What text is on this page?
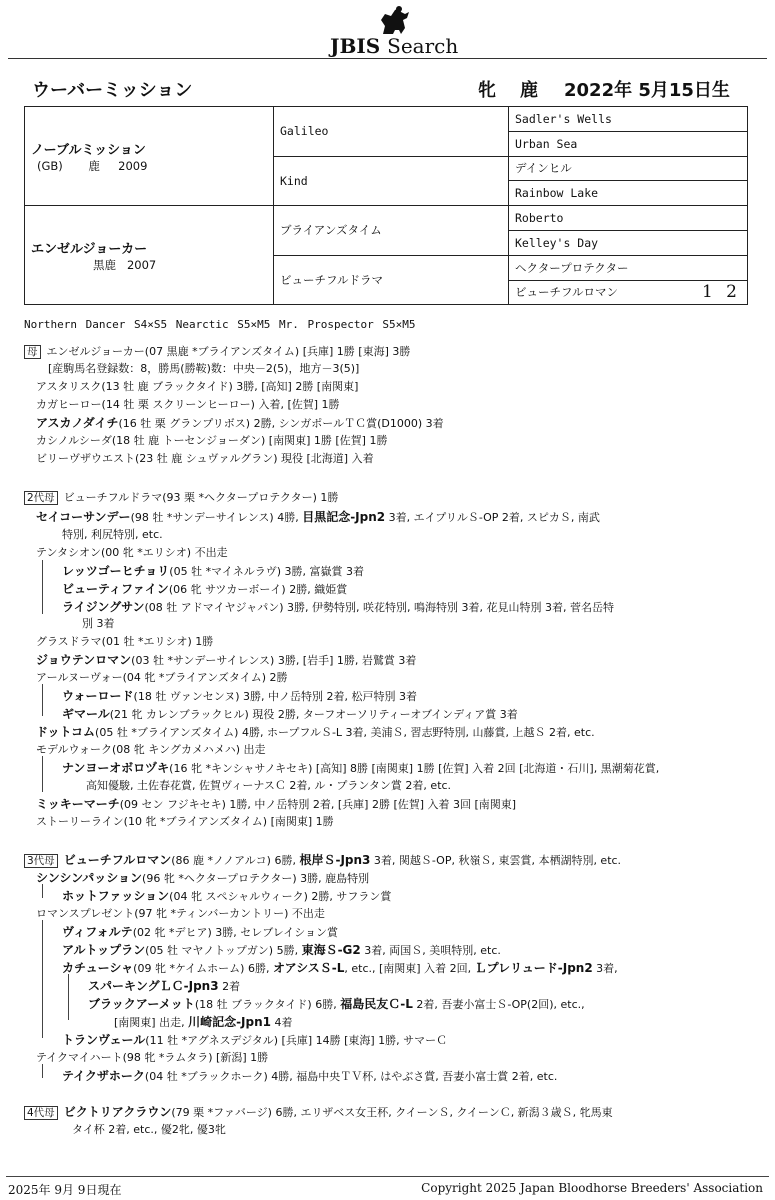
JBIS Search
ウーバーミッション	牝 鹿 2022年 5月15日生
ノーブルミッション
(GB) 鹿 2009	Galileo	Sadler's Wells
		Urban Sea
	Kind	デインヒル
		Rainbow Lake

エンゼルジョーカー
黒鹿 2007	ブライアンズタイム	Roberto
		Kelley's Day
	ビューチフルドラマ	ヘクタープロテクター
		ビューチフルロマン 1 2
Northern Dancer S4×S5 Nearctic S5×M5 Mr. Prospector S5×M5
母 エンゼルジョーカー(07 黒鹿 *ブライアンズタイム) [兵庫] 1勝 [東海] 3勝
[産駒馬名登録数：8，勝馬(勝鞍)数：中央－2(5)，地方－3(5)]
アスタリスク(13 牡 鹿 ブラックタイド) 3勝, [高知] 2勝 [南関東]
カガヒーロー(14 牡 栗 スクリーンヒーロー) 入着, [佐賀] 1勝
アスカノダイチ(16 牡 栗 グランプリボス) 2勝, シンガポールＴＣ賞(D1000) 3着
カシノルシーダ(18 牡 鹿 トーセンジョーダン) [南関東] 1勝 [佐賀] 1勝
ビリーヴザウエスト(23 牡 鹿 シュヴァルグラン) 現役 [北海道] 入着
2代母 ビューチフルドラマ(93 栗 *ヘクタープロテクター) 1勝
セイコーサンデー(98 牡 *サンデーサイレンス) 4勝, 目黒記念-Jpn2 3着, エイプリルＳ-OP 2着, スピカＳ, 南武
特別, 利尻特別, etc.
テンタシオン(00 牝 *エリシオ) 不出走
レッツゴーヒチョリ(05 牡 *マイネルラヴ) 3勝, 富嶽賞 3着
ビューティファイン(06 牝 サツカーボーイ) 2勝, 織姫賞
ライジングサン(08 牡 アドマイヤジャパン) 3勝, 伊勢特別, 咲花特別, 鳴海特別 3着, 花見山特別 3着, 菅名岳特
別 3着
グラスドラマ(01 牡 *エリシオ) 1勝
ジョウテンロマン(03 牡 *サンデーサイレンス) 3勝, [岩手] 1勝, 岩鷲賞 3着
アールヌーヴォー(04 牝 *ブライアンズタイム) 2勝
ウォーロード(18 牡 ヴァンセンヌ) 3勝, 中ノ岳特別 2着, 松戸特別 3着
ギマール(21 牝 カレンブラックヒル) 現役 2勝, ターフオーソリティーオブインディア賞 3着
ドットコム(05 牡 *ブライアンズタイム) 4勝, ホープフルＳ-L 3着, 美浦Ｓ, 習志野特別, 山藤賞, 上越Ｓ 2着, etc.
モデルウォーク(08 牝 キングカメハメハ) 出走
ナンヨーオボロヅキ(16 牝 *キンシャサノキセキ) [高知] 8勝 [南関東] 1勝 [佐賀] 入着 2回 [北海道・石川], 黒潮菊花賞,
高知優駿, 土佐春花賞, 佐賀ヴィーナスＣ 2着, ル・プランタン賞 2着, etc.
ミッキーマーチ(09 セン フジキセキ) 1勝, 中ノ岳特別 2着, [兵庫] 2勝 [佐賀] 入着 3回 [南関東]
ストーリーライン(10 牝 *ブライアンズタイム) [南関東] 1勝
3代母 ビューチフルロマン(86 鹿 *ノノアルコ) 6勝, 根岸Ｓ-Jpn3 3着, 関越Ｓ-OP, 秋嶺Ｓ, 東雲賞, 本栖湖特別, etc.
シンシンパッション(96 牝 *ヘクタープロテクター) 3勝, 鹿島特別
ホットファッション(04 牝 スペシャルウィーク) 2勝, サフラン賞
ロマンスプレゼント(97 牝 *ティンバーカントリー) 不出走
ヴィフォルテ(02 牝 *デヒア) 3勝, セレブレイション賞
アルトップラン(05 牡 マヤノトップガン) 5勝, 東海Ｓ-G2 3着, 両国Ｓ, 美唄特別, etc.
カチューシャ(09 牝 *ケイムホーム) 6勝, オアシスＳ-L, etc., [南関東] 入着 2回, Ｌプレリュード-Jpn2 3着,
スパーキングＬＣ-Jpn3 2着
ブラックアーメット(18 牡 ブラックタイド) 6勝, 福島民友Ｃ-L 2着, 吾妻小富士Ｓ-OP(2回), etc.,
[南関東] 出走, 川崎記念-Jpn1 4着
トランヴェール(11 牡 *アグネスデジタル) [兵庫] 14勝 [東海] 1勝, サマーＣ
テイクマイハート(98 牝 *ラムタラ) [新潟] 1勝
テイクザホーク(04 牡 *ブラックホーク) 4勝, 福島中央ＴＶ杯, はやぶさ賞, 吾妻小富士賞 2着, etc.
4代母 ビクトリアクラウン(79 栗 *ファバージ) 6勝, エリザベス女王杯, クイーンＳ, クイーンＣ, 新潟３歳Ｓ, 牝馬東
タイ杯 2着, etc., 優2牝, 優3牝
2025年 9月 9日現在	Copyright 2025 Japan Bloodhorse Breeders' Association
